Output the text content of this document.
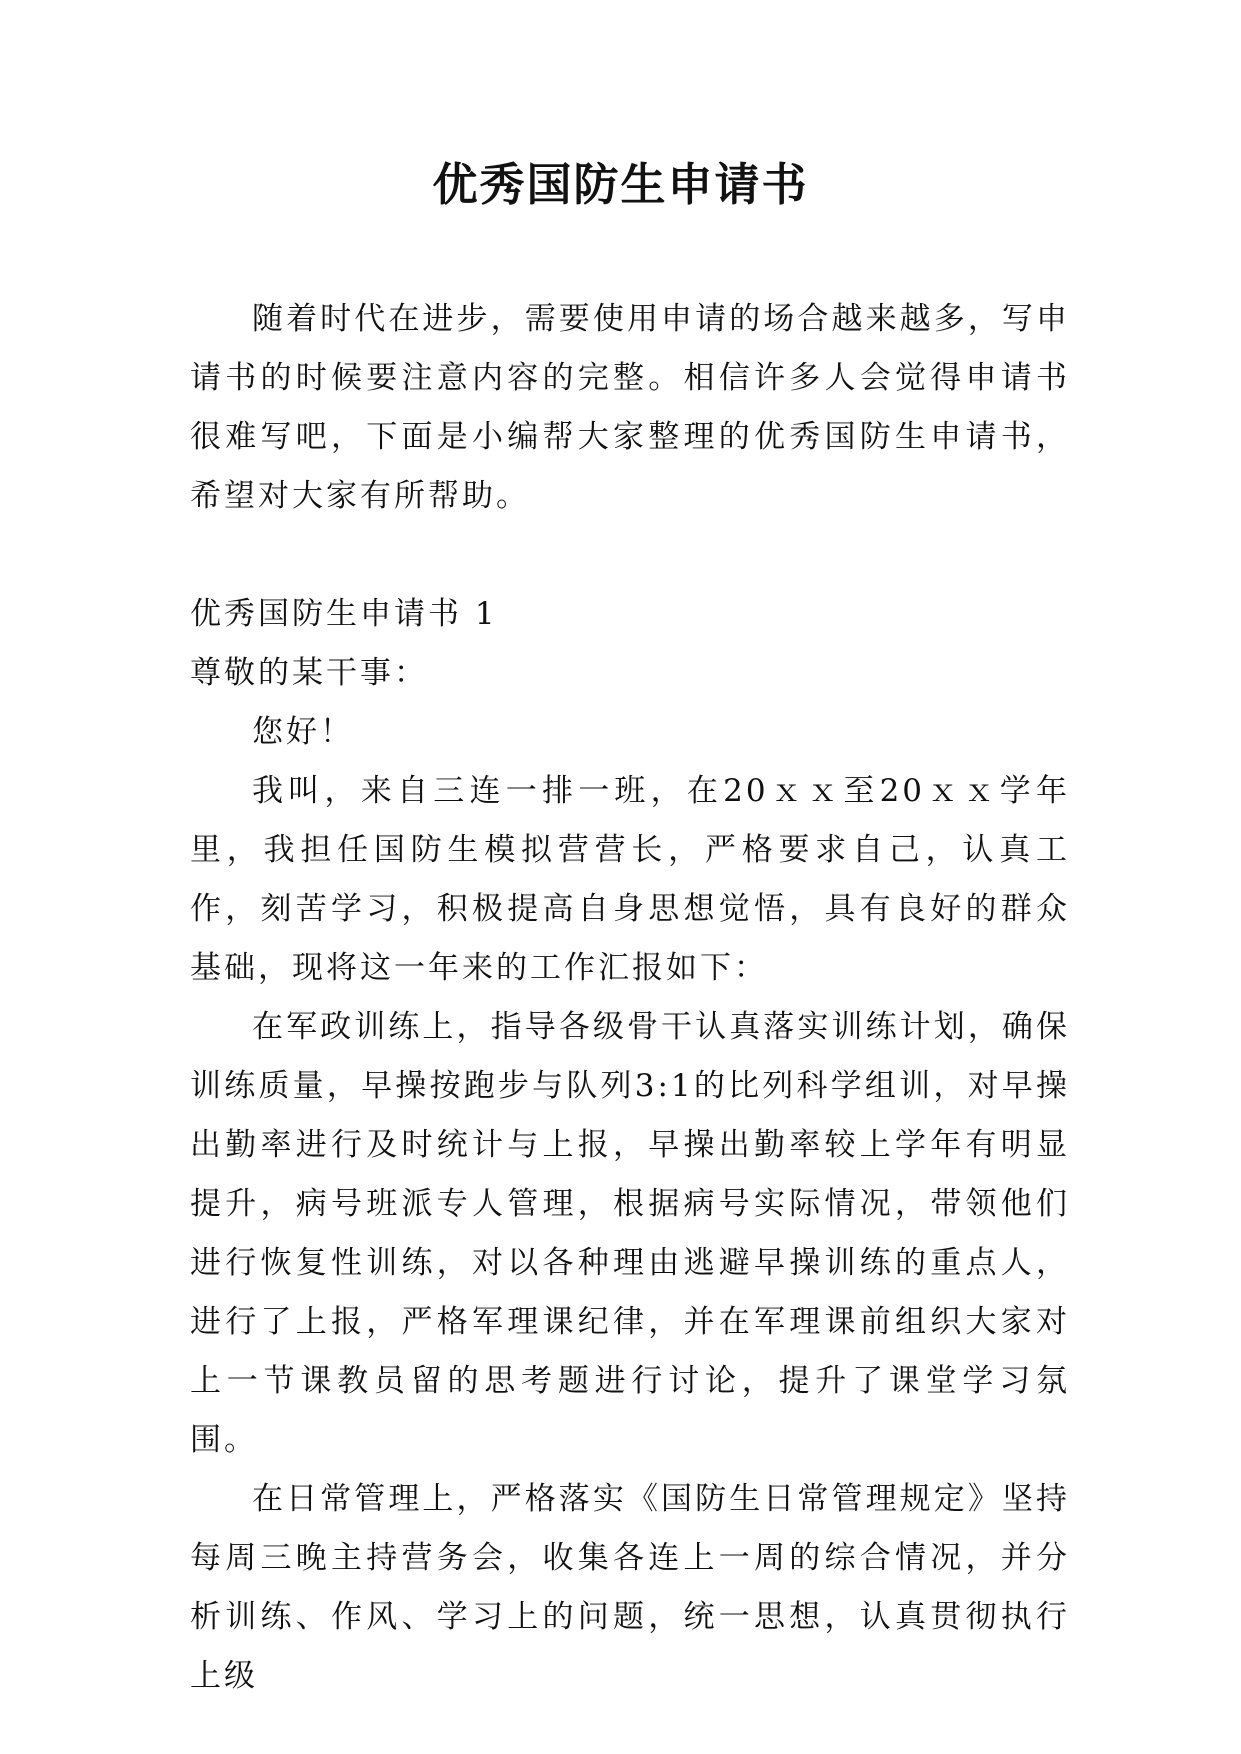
优秀国防生申请书

随着时代在进步，需要使用申请的场合越来越多，写申请书的时候要注意内容的完整。相信许多人会觉得申请书很难写吧，下面是小编帮大家整理的优秀国防生申请书，希望对大家有所帮助。

优秀国防生申请书 1

尊敬的某干事：

您好！

我叫，来自三连一排一班，在20ｘｘ至20ｘｘ学年里，我担任国防生模拟营营长，严格要求自己，认真工作，刻苦学习，积极提高自身思想觉悟，具有良好的群众基础，现将这一年来的工作汇报如下：

在军政训练上，指导各级骨干认真落实训练计划，确保训练质量，早操按跑步与队列3:1的比列科学组训，对早操出勤率进行及时统计与上报，早操出勤率较上学年有明显提升，病号班派专人管理，根据病号实际情况，带领他们进行恢复性训练，对以各种理由逃避早操训练的重点人，进行了上报，严格军理课纪律，并在军理课前组织大家对上一节课教员留的思考题进行讨论，提升了课堂学习氛围。

在日常管理上，严格落实《国防生日常管理规定》坚持每周三晚主持营务会，收集各连上一周的综合情况，并分析训练、作风、学习上的问题，统一思想，认真贯彻执行上级
